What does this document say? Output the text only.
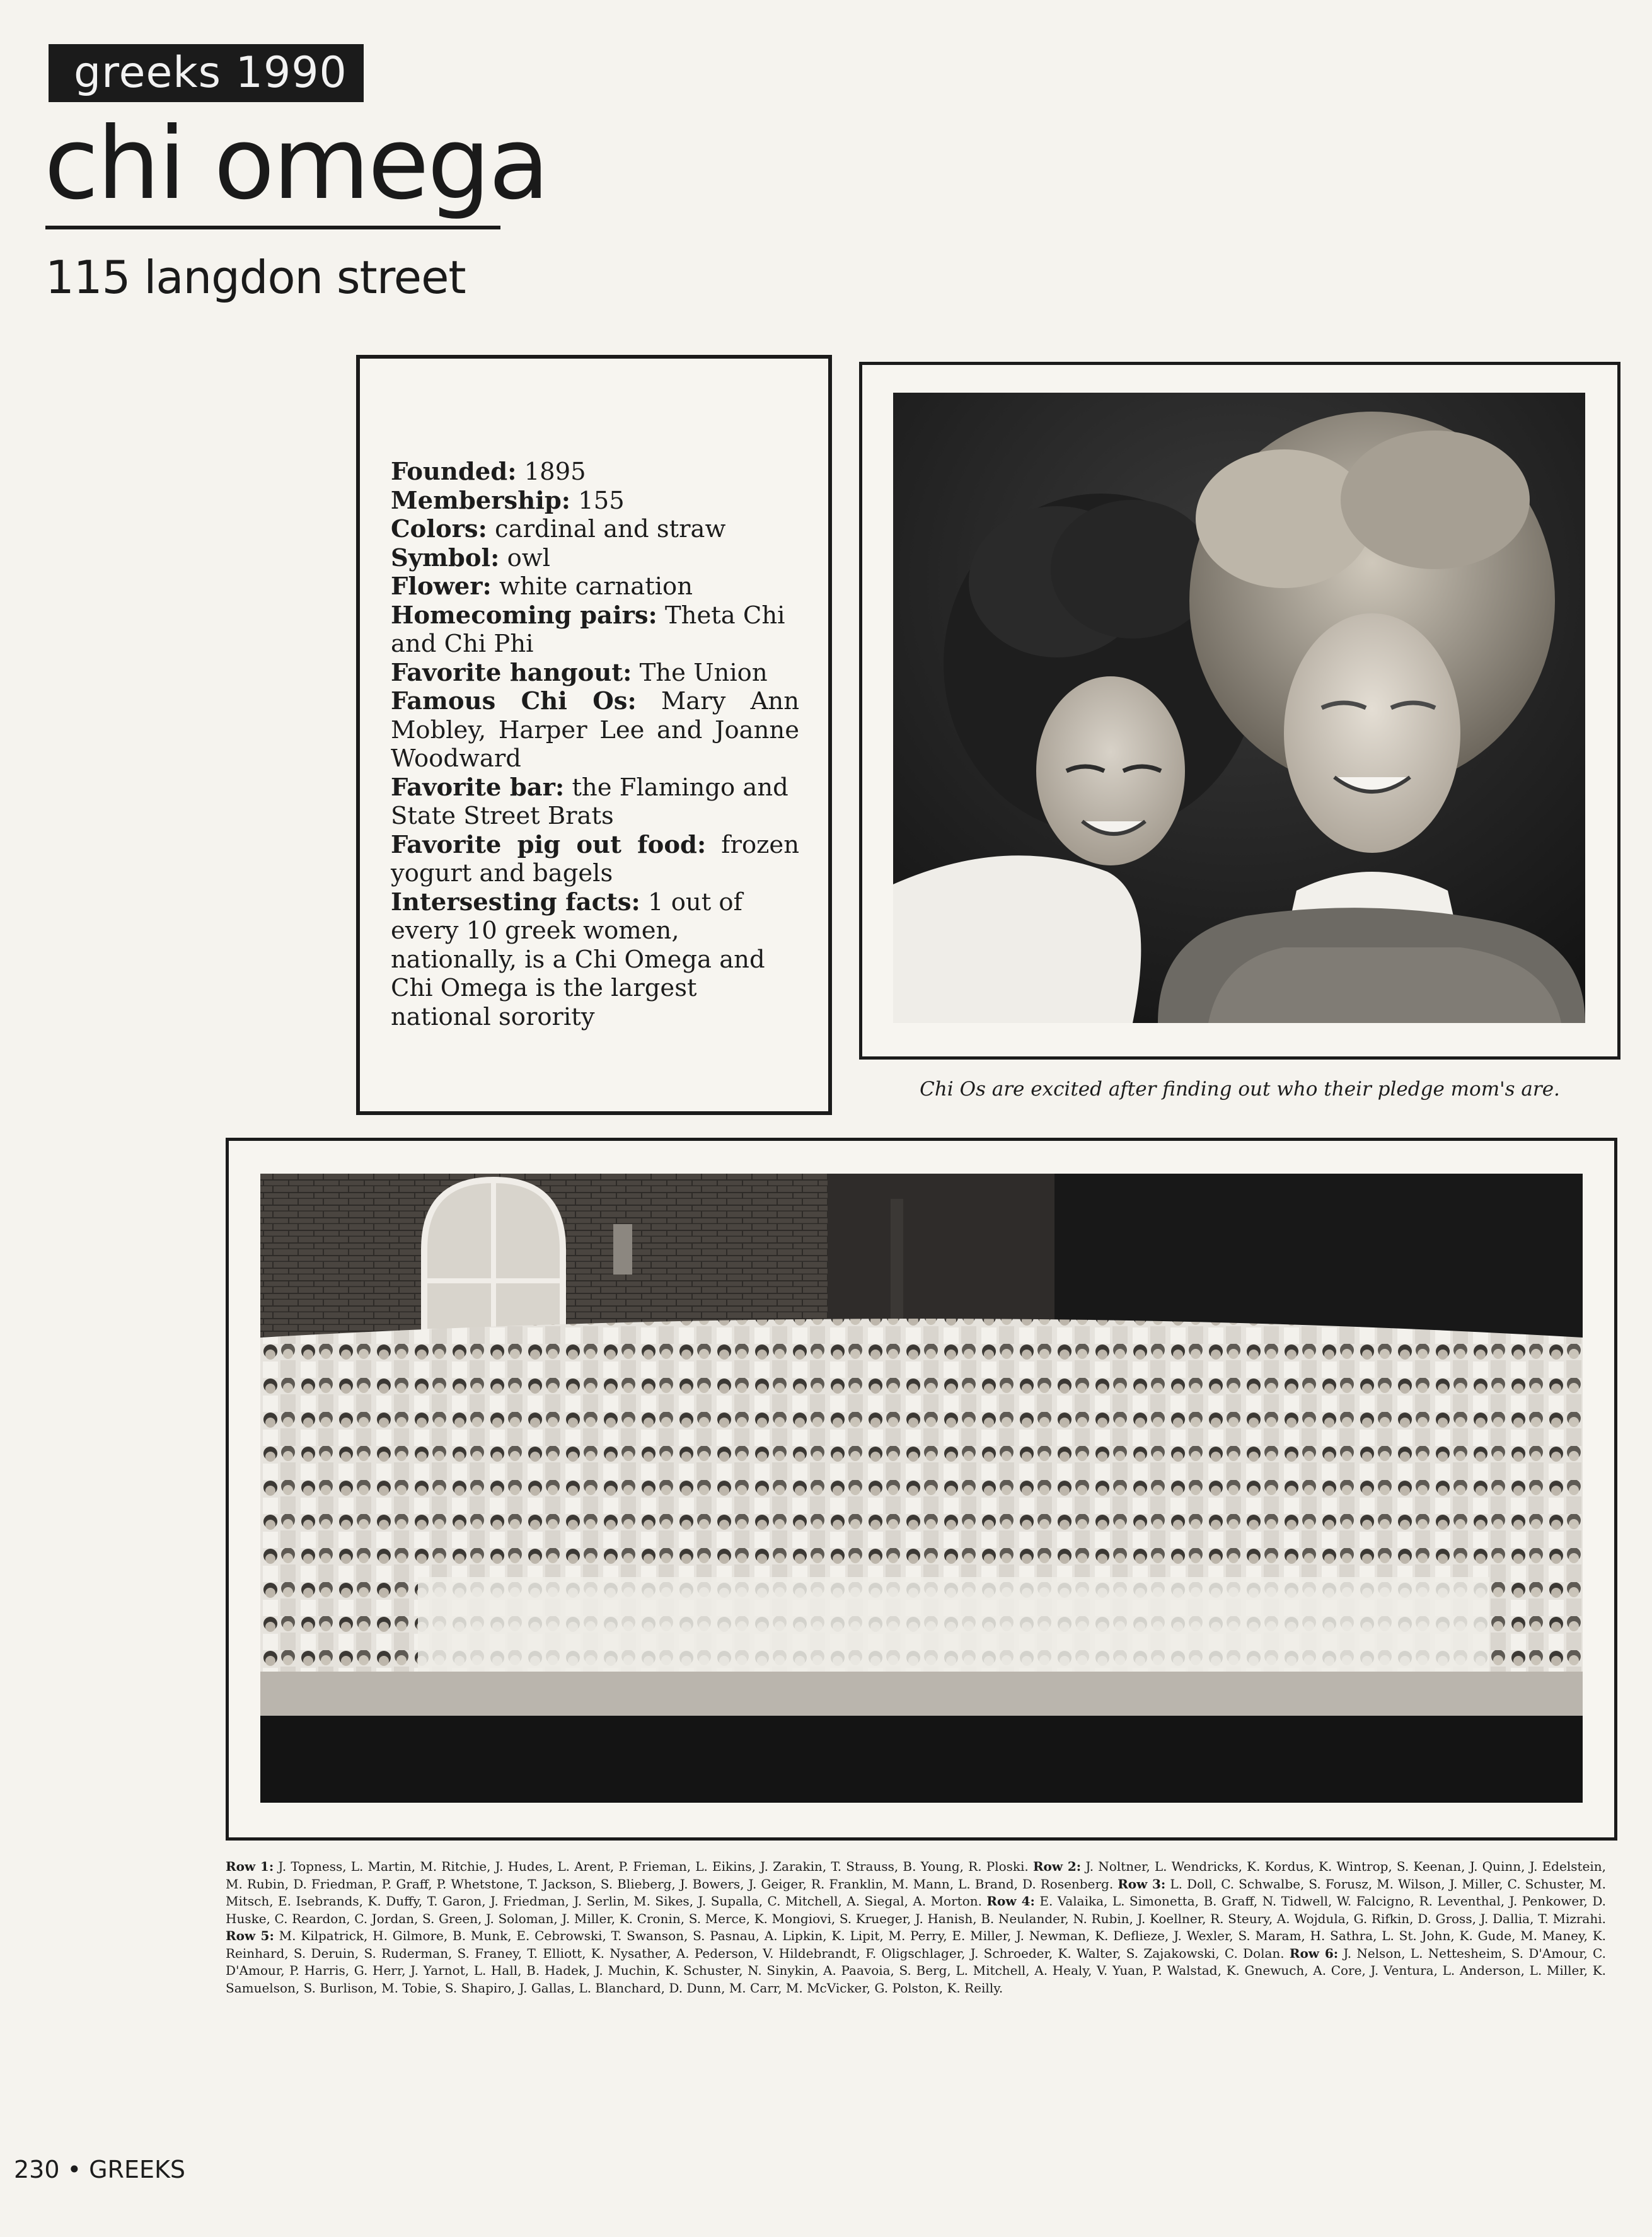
greeks 1990
chi omega
115 langdon street
Founded: 1895
Membership: 155
Colors: cardinal and straw
Symbol: owl
Flower: white carnation
Homecoming pairs: Theta Chi and Chi Phi
Favorite hangout: The Union
Famous Chi Os: Mary Ann Mobley, Harper Lee and Joanne Woodward
Favorite bar: the Flamingo and State Street Brats
Favorite pig out food: frozen yogurt and bagels
Intersesting facts: 1 out of every 10 greek women, nationally, is a Chi Omega and Chi Omega is the largest national sorority
Chi Os are excited after finding out who their pledge mom's are.
Row 1: J. Topness, L. Martin, M. Ritchie, J. Hudes, L. Arent, P. Frieman, L. Eikins, J. Zarakin, T. Strauss, B. Young, R. Ploski. Row 2: J. Noltner, L. Wendricks, K. Kordus, K. Wintrop, S. Keenan, J. Quinn, J. Edelstein, M. Rubin, D. Friedman, P. Graff, P. Whetstone, T. Jackson, S. Blieberg, J. Bowers, J. Geiger, R. Franklin, M. Mann, L. Brand, D. Rosenberg. Row 3: L. Doll, C. Schwalbe, S. Forusz, M. Wilson, J. Miller, C. Schuster, M. Mitsch, E. Isebrands, K. Duffy, T. Garon, J. Friedman, J. Serlin, M. Sikes, J. Supalla, C. Mitchell, A. Siegal, A. Morton. Row 4: E. Valaika, L. Simonetta, B. Graff, N. Tidwell, W. Falcigno, R. Leventhal, J. Penkower, D. Huske, C. Reardon, C. Jordan, S. Green, J. Soloman, J. Miller, K. Cronin, S. Merce, K. Mongiovi, S. Krueger, J. Hanish, B. Neulander, N. Rubin, J. Koellner, R. Steury, A. Wojdula, G. Rifkin, D. Gross, J. Dallia, T. Mizrahi. Row 5: M. Kilpatrick, H. Gilmore, B. Munk, E. Cebrowski, T. Swanson, S. Pasnau, A. Lipkin, K. Lipit, M. Perry, E. Miller, J. Newman, K. Deflieze, J. Wexler, S. Maram, H. Sathra, L. St. John, K. Gude, M. Maney, K. Reinhard, S. Deruin, S. Ruderman, S. Franey, T. Elliott, K. Nysather, A. Pederson, V. Hildebrandt, F. Oligschlager, J. Schroeder, K. Walter, S. Zajakowski, C. Dolan. Row 6: J. Nelson, L. Nettesheim, S. D'Amour, C. D'Amour, P. Harris, G. Herr, J. Yarnot, L. Hall, B. Hadek, J. Muchin, K. Schuster, N. Sinykin, A. Paavoia, S. Berg, L. Mitchell, A. Healy, V. Yuan, P. Walstad, K. Gnewuch, A. Core, J. Ventura, L. Anderson, L. Miller, K. Samuelson, S. Burlison, M. Tobie, S. Shapiro, J. Gallas, L. Blanchard, D. Dunn, M. Carr, M. McVicker, G. Polston, K. Reilly.
230 • GREEKS
